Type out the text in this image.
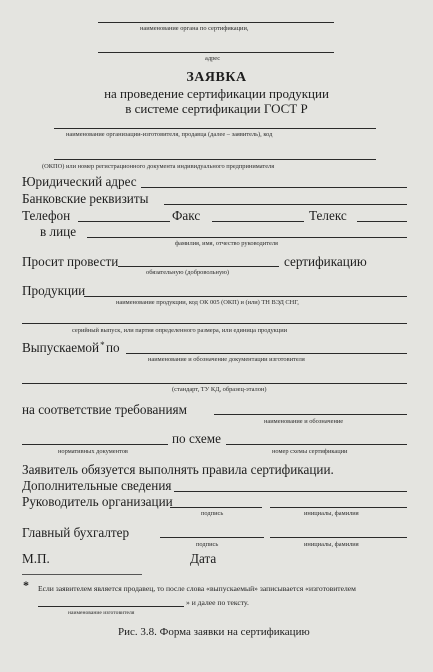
наименование органа по сертификации,
адрес
ЗАЯВКА
на проведение сертификации продукции
в системе сертификации ГОСТ Р
наименование организации-изготовителя, продавца (далее – заявитель), код
(ОКПО) или номер регистрационного документа индивидуального предпринимателя
Юридический адрес
Банковские реквизиты
Телефон	Факс	Телекс
в лице
фамилия, имя, отчество руководителя
Просит провести
обязательную (добровольную)
сертификацию
Продукции
наименование продукции, код ОК 005 (ОКП) и (или) ТН ВЭД СНГ,
серийный выпуск, или партия определенного размера, или единица продукции
Выпускаемой* по
наименование и обозначение документации изготовителя
(стандарт, ТУ КД, образец-эталон)
на соответствие требованиям
наименование и обозначение
нормативных документов
по схеме
номер схемы сертификации
Заявитель обязуется выполнять правила сертификации.
Дополнительные сведения
Руководитель организации
подпись	инициалы, фамилия
Главный бухгалтер
подпись	инициалы, фамилия
М.П.	Дата
* Если заявителем является продавец, то после слова «выпускаемый» записывается «изготовителем
» и далее по тексту.
наименование изготовителя
Рис. 3.8. Форма заявки на сертификацию
